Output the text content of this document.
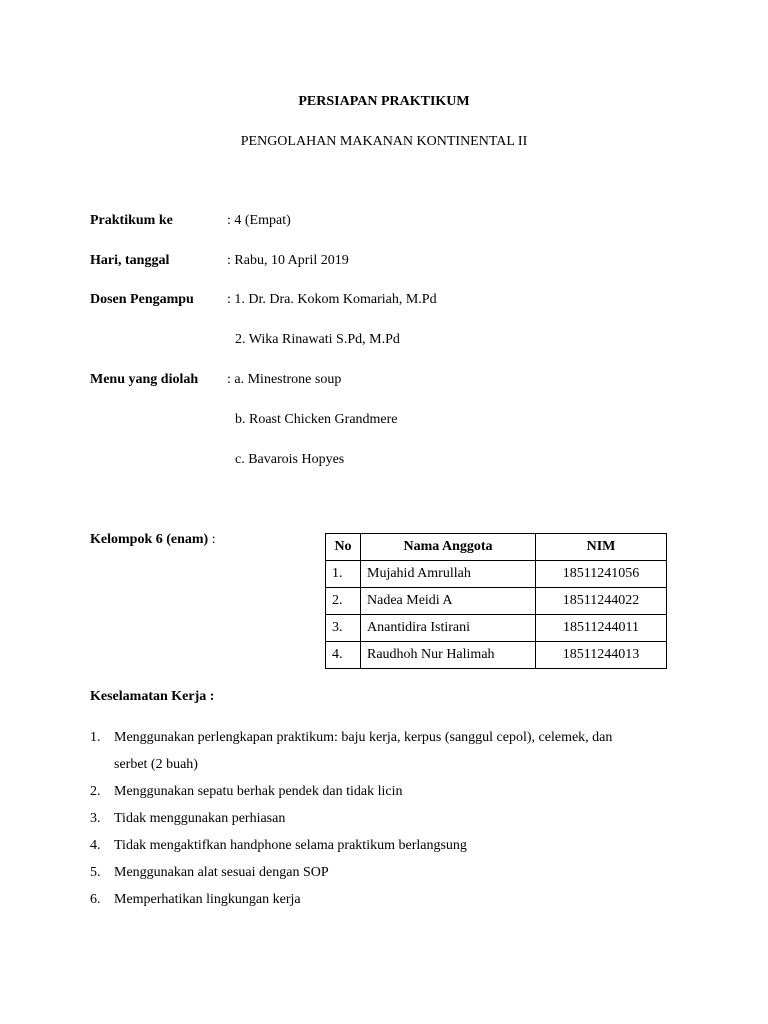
PERSIAPAN PRAKTIKUM
PENGOLAHAN MAKANAN KONTINENTAL II
Praktikum ke	: 4 (Empat)
Hari, tanggal	: Rabu, 10 April 2019
Dosen Pengampu : 1. Dr. Dra. Kokom Komariah, M.Pd
2. Wika Rinawati S.Pd, M.Pd
Menu yang diolah : a. Minestrone soup
b. Roast Chicken Grandmere
c. Bavarois Hopyes
Kelompok 6 (enam) :	No	Nama Anggota	NIM
1.	Mujahid Amrullah	18511241056
2.	Nadea Meidi A	18511244022
3.	Anantidira Istirani	18511244011
4.	Raudhoh Nur Halimah	18511244013
Keselamatan Kerja :
1. Menggunakan perlengkapan praktikum: baju kerja, kerpus (sanggul cepol), celemek, dan
serbet (2 buah)
2. Menggunakan sepatu berhak pendek dan tidak licin
3. Tidak menggunakan perhiasan
4. Tidak mengaktifkan handphone selama praktikum berlangsung
5. Menggunakan alat sesuai dengan SOP
6. Memperhatikan lingkungan kerja
